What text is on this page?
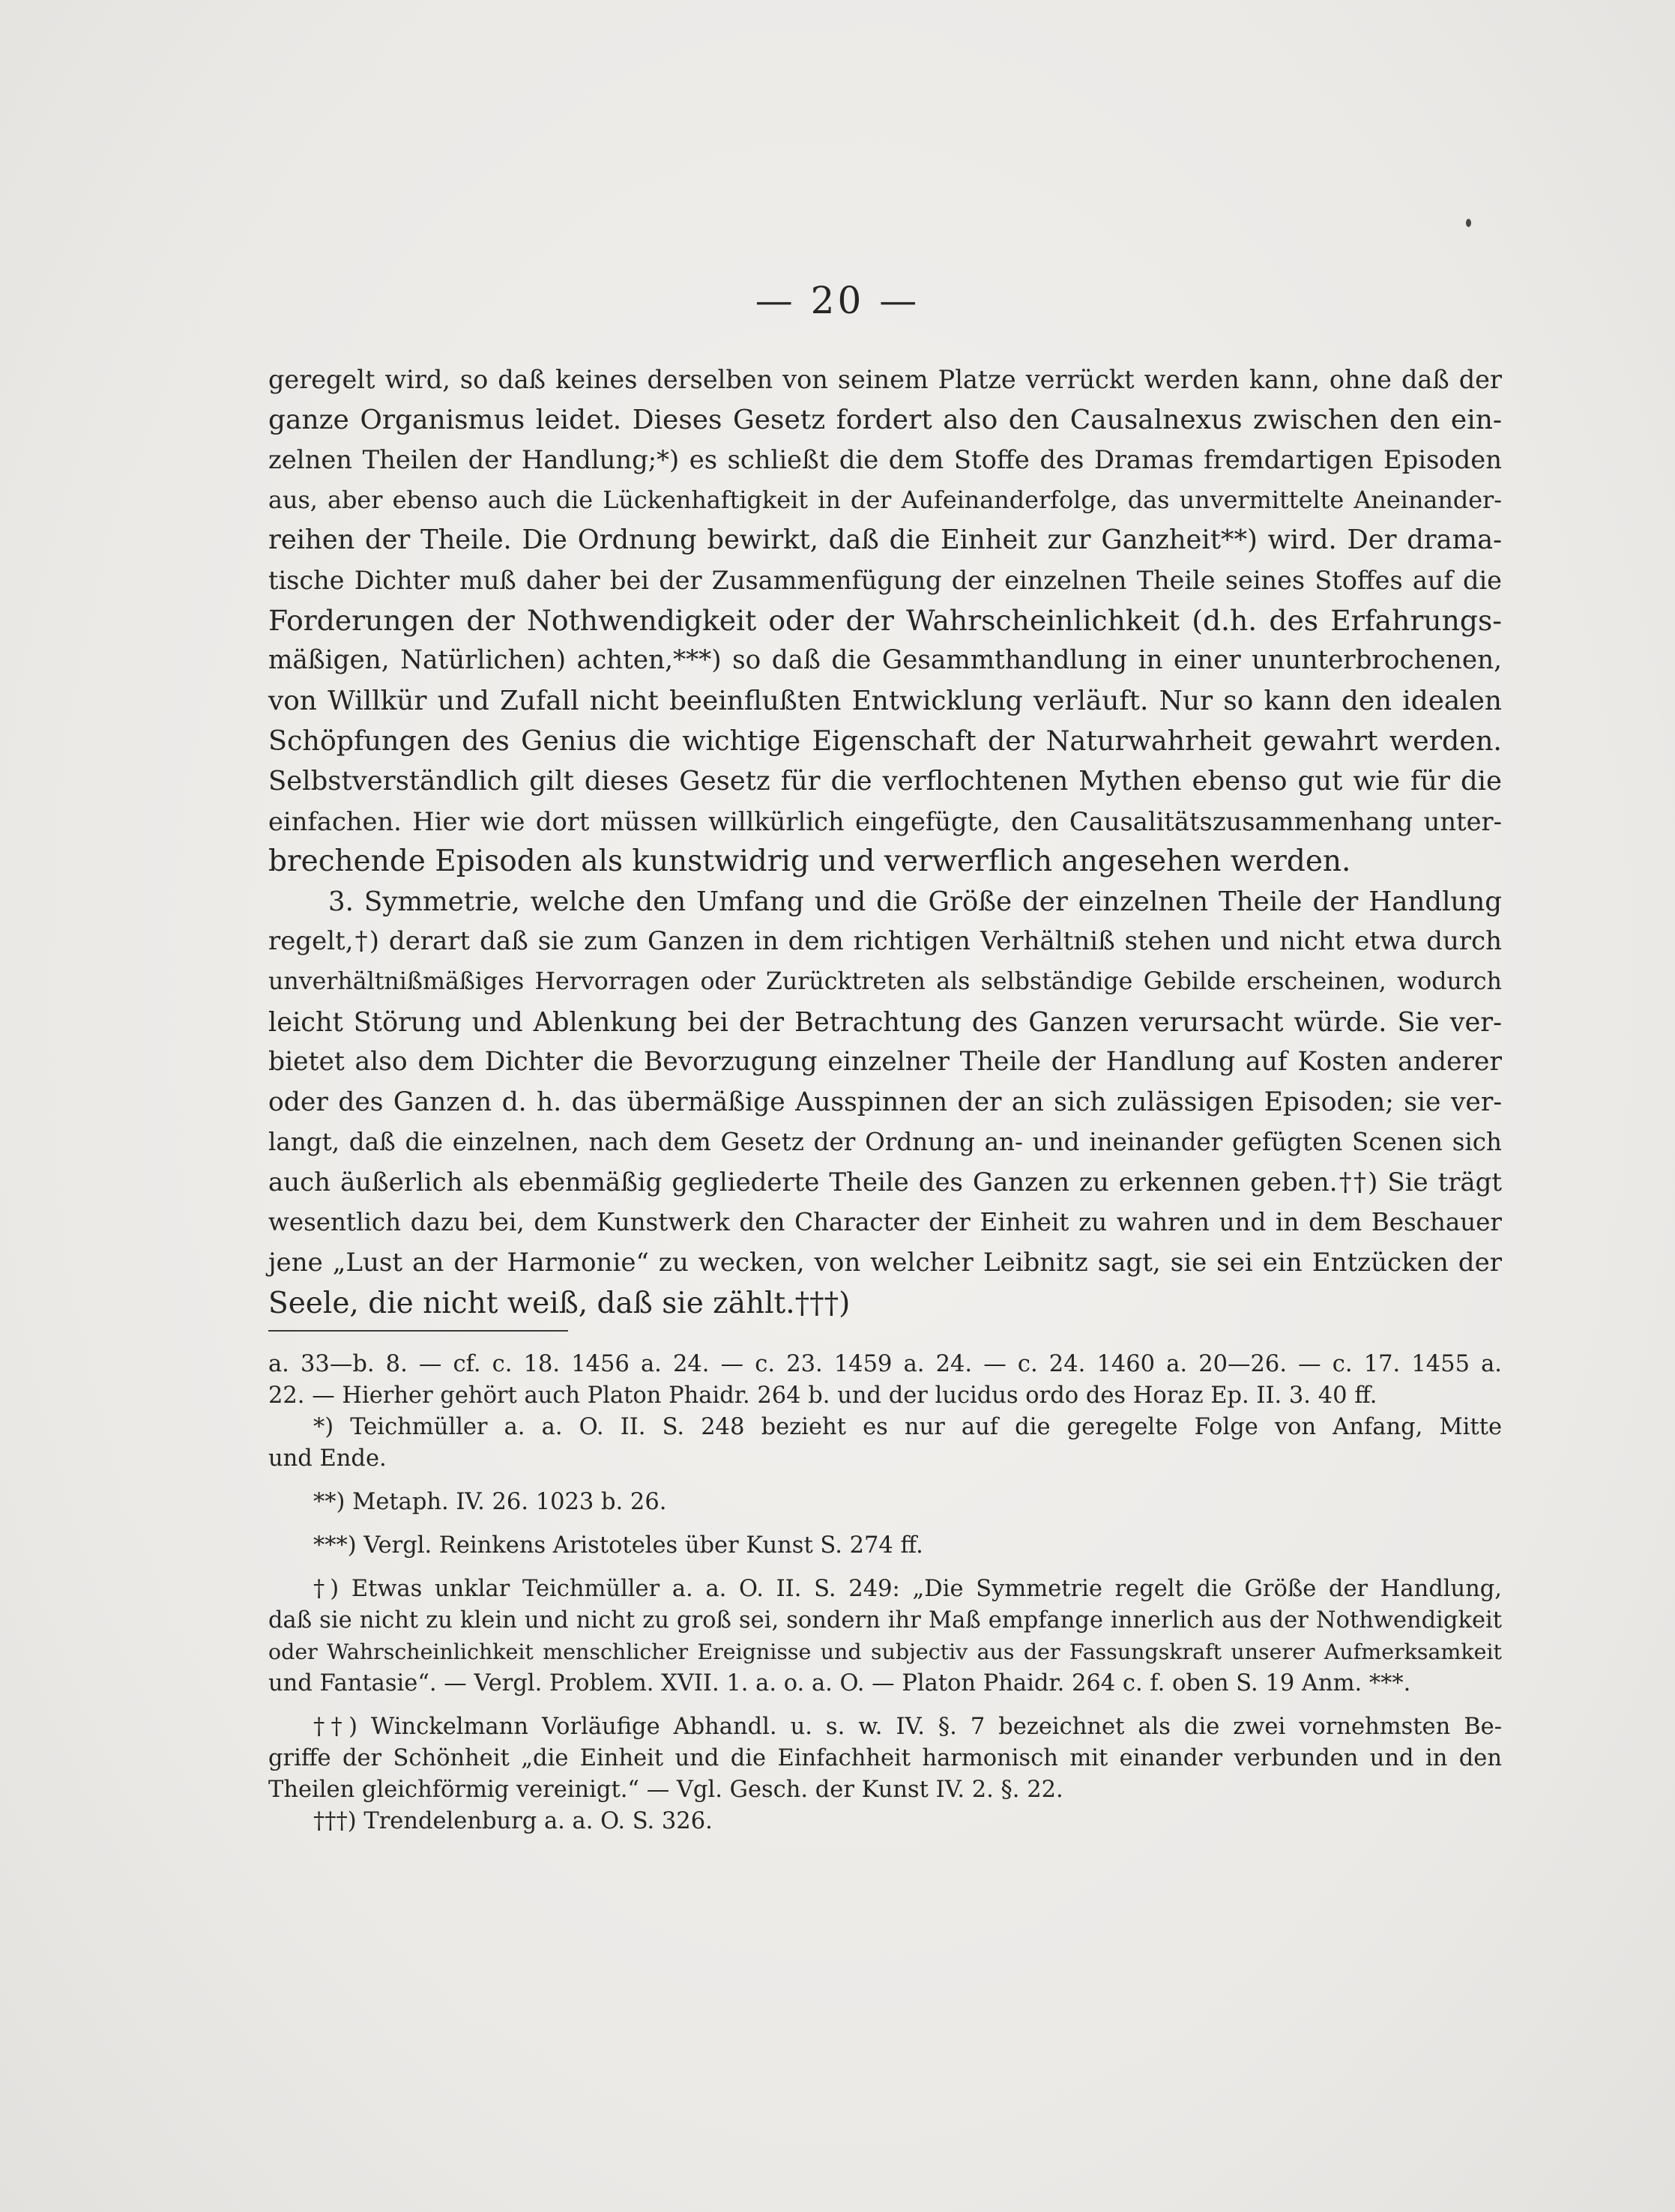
— 20 —
geregelt wird, so daß keines derselben von seinem Platze verrückt werden kann, ohne daß der
ganze Organismus leidet. Dieses Gesetz fordert also den Causalnexus zwischen den ein-
zelnen Theilen der Handlung;*) es schließt die dem Stoffe des Dramas fremdartigen Episoden
aus, aber ebenso auch die Lückenhaftigkeit in der Aufeinanderfolge, das unvermittelte Aneinander-
reihen der Theile. Die Ordnung bewirkt, daß die Einheit zur Ganzheit**) wird. Der drama-
tische Dichter muß daher bei der Zusammenfügung der einzelnen Theile seines Stoffes auf die
Forderungen der Nothwendigkeit oder der Wahrscheinlichkeit (d.h. des Erfahrungs-
mäßigen, Natürlichen) achten,***) so daß die Gesammthandlung in einer ununterbrochenen,
von Willkür und Zufall nicht beeinflußten Entwicklung verläuft. Nur so kann den idealen
Schöpfungen des Genius die wichtige Eigenschaft der Naturwahrheit gewahrt werden.
Selbstverständlich gilt dieses Gesetz für die verflochtenen Mythen ebenso gut wie für die
einfachen. Hier wie dort müssen willkürlich eingefügte, den Causalitätszusammenhang unter-
brechende Episoden als kunstwidrig und verwerflich angesehen werden.
3. Symmetrie, welche den Umfang und die Größe der einzelnen Theile der Handlung
regelt,†) derart daß sie zum Ganzen in dem richtigen Verhältniß stehen und nicht etwa durch
unverhältnißmäßiges Hervorragen oder Zurücktreten als selbständige Gebilde erscheinen, wodurch
leicht Störung und Ablenkung bei der Betrachtung des Ganzen verursacht würde. Sie ver-
bietet also dem Dichter die Bevorzugung einzelner Theile der Handlung auf Kosten anderer
oder des Ganzen d. h. das übermäßige Ausspinnen der an sich zulässigen Episoden; sie ver-
langt, daß die einzelnen, nach dem Gesetz der Ordnung an- und ineinander gefügten Scenen sich
auch äußerlich als ebenmäßig gegliederte Theile des Ganzen zu erkennen geben.††) Sie trägt
wesentlich dazu bei, dem Kunstwerk den Character der Einheit zu wahren und in dem Beschauer
jene „Lust an der Harmonie“ zu wecken, von welcher Leibnitz sagt, sie sei ein Entzücken der
Seele, die nicht weiß, daß sie zählt.†††)
a. 33—b. 8. — cf. c. 18. 1456 a. 24. — c. 23. 1459 a. 24. — c. 24. 1460 a. 20—26. — c. 17. 1455 a.
22. — Hierher gehört auch Platon Phaidr. 264 b. und der lucidus ordo des Horaz Ep. II. 3. 40 ff.
*) Teichmüller a. a. O. II. S. 248 bezieht es nur auf die geregelte Folge von Anfang, Mitte
und Ende.
**) Metaph. IV. 26. 1023 b. 26.
***) Vergl. Reinkens Aristoteles über Kunst S. 274 ff.
†) Etwas unklar Teichmüller a. a. O. II. S. 249: „Die Symmetrie regelt die Größe der Handlung,
daß sie nicht zu klein und nicht zu groß sei, sondern ihr Maß empfange innerlich aus der Nothwendigkeit
oder Wahrscheinlichkeit menschlicher Ereignisse und subjectiv aus der Fassungskraft unserer Aufmerksamkeit
und Fantasie“. — Vergl. Problem. XVII. 1. a. o. a. O. — Platon Phaidr. 264 c. f. oben S. 19 Anm. ***.
††) Winckelmann Vorläufige Abhandl. u. s. w. IV. §. 7 bezeichnet als die zwei vornehmsten Be-
griffe der Schönheit „die Einheit und die Einfachheit harmonisch mit einander verbunden und in den
Theilen gleichförmig vereinigt.“ — Vgl. Gesch. der Kunst IV. 2. §. 22.
†††) Trendelenburg a. a. O. S. 326.
